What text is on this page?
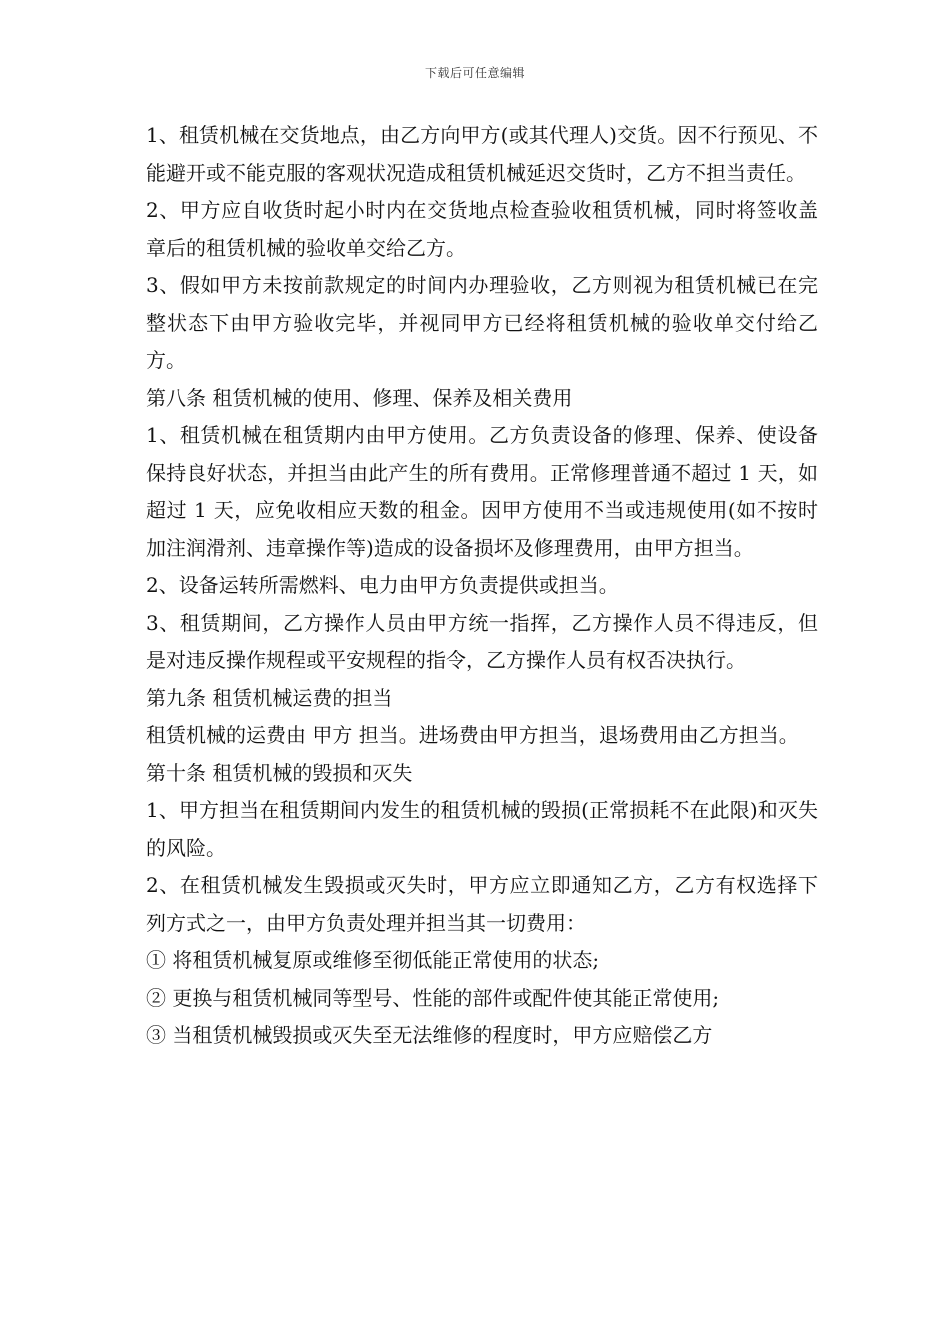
下载后可任意编辑

1、租赁机械在交货地点，由乙方向甲方(或其代理人)交货。因不行预见、不能避开或不能克服的客观状况造成租赁机械延迟交货时，乙方不担当责任。

2、甲方应自收货时起小时内在交货地点检查验收租赁机械，同时将签收盖章后的租赁机械的验收单交给乙方。

3、假如甲方未按前款规定的时间内办理验收，乙方则视为租赁机械已在完整状态下由甲方验收完毕，并视同甲方已经将租赁机械的验收单交付给乙方。

第八条 租赁机械的使用、修理、保养及相关费用

1、租赁机械在租赁期内由甲方使用。乙方负责设备的修理、保养、使设备保持良好状态，并担当由此产生的所有费用。正常修理普通不超过 1 天，如超过 1 天，应免收相应天数的租金。因甲方使用不当或违规使用(如不按时加注润滑剂、违章操作等)造成的设备损坏及修理费用，由甲方担当。

2、设备运转所需燃料、电力由甲方负责提供或担当。

3、租赁期间，乙方操作人员由甲方统一指挥，乙方操作人员不得违反，但是对违反操作规程或平安规程的指令，乙方操作人员有权否决执行。

第九条 租赁机械运费的担当

租赁机械的运费由 甲方 担当。进场费由甲方担当，退场费用由乙方担当。

第十条 租赁机械的毁损和灭失

1、甲方担当在租赁期间内发生的租赁机械的毁损(正常损耗不在此限)和灭失的风险。

2、在租赁机械发生毁损或灭失时，甲方应立即通知乙方，乙方有权选择下列方式之一，由甲方负责处理并担当其一切费用：

① 将租赁机械复原或维修至彻低能正常使用的状态;

② 更换与租赁机械同等型号、性能的部件或配件使其能正常使用;

③ 当租赁机械毁损或灭失至无法维修的程度时，甲方应赔偿乙方
